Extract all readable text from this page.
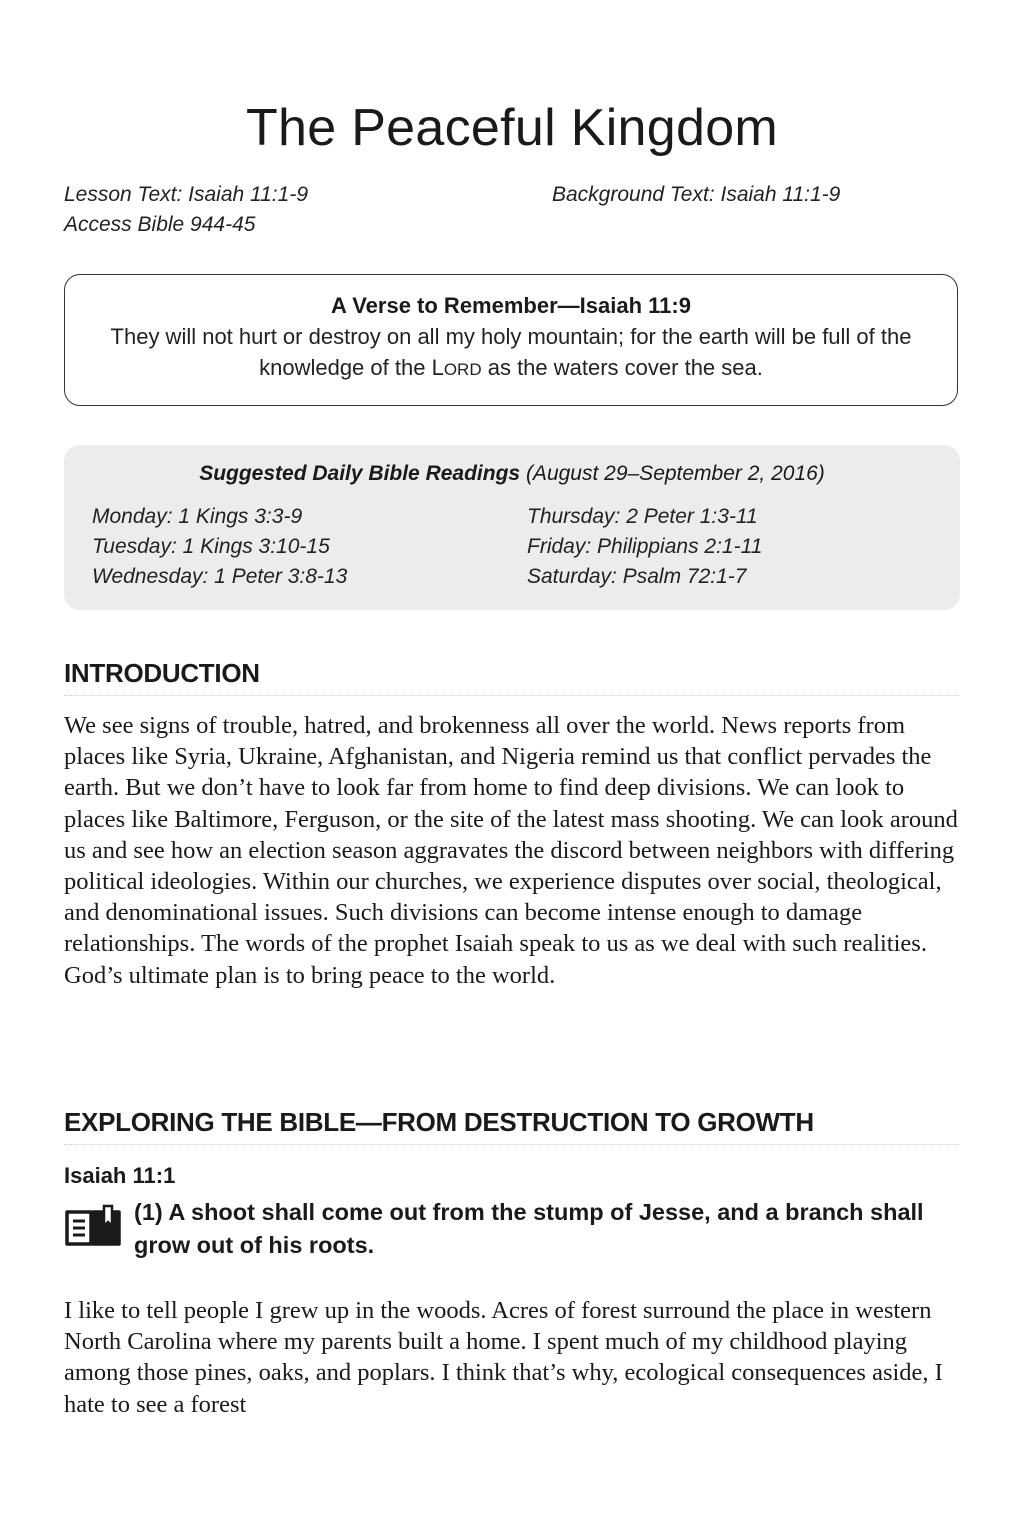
The Peaceful Kingdom
Lesson Text: Isaiah 11:1-9
Access Bible 944-45
Background Text: Isaiah 11:1-9
A Verse to Remember—Isaiah 11:9
They will not hurt or destroy on all my holy mountain; for the earth will be full of the knowledge of the LORD as the waters cover the sea.
Suggested Daily Bible Readings (August 29–September 2, 2016)
Monday: 1 Kings 3:3-9
Tuesday: 1 Kings 3:10-15
Wednesday: 1 Peter 3:8-13
Thursday: 2 Peter 1:3-11
Friday: Philippians 2:1-11
Saturday: Psalm 72:1-7
INTRODUCTION
We see signs of trouble, hatred, and brokenness all over the world. News reports from places like Syria, Ukraine, Afghanistan, and Nigeria remind us that conflict pervades the earth. But we don’t have to look far from home to find deep divisions. We can look to places like Baltimore, Ferguson, or the site of the latest mass shooting. We can look around us and see how an election season aggravates the discord between neighbors with differing political ideologies. Within our churches, we experience disputes over social, theological, and denominational issues. Such divisions can become intense enough to damage relationships. The words of the prophet Isaiah speak to us as we deal with such realities. God’s ultimate plan is to bring peace to the world.
EXPLORING THE BIBLE—FROM DESTRUCTION TO GROWTH
Isaiah 11:1
(1) A shoot shall come out from the stump of Jesse, and a branch shall grow out of his roots.
I like to tell people I grew up in the woods. Acres of forest surround the place in western North Carolina where my parents built a home. I spent much of my childhood playing among those pines, oaks, and poplars. I think that’s why, ecological consequences aside, I hate to see a forest
